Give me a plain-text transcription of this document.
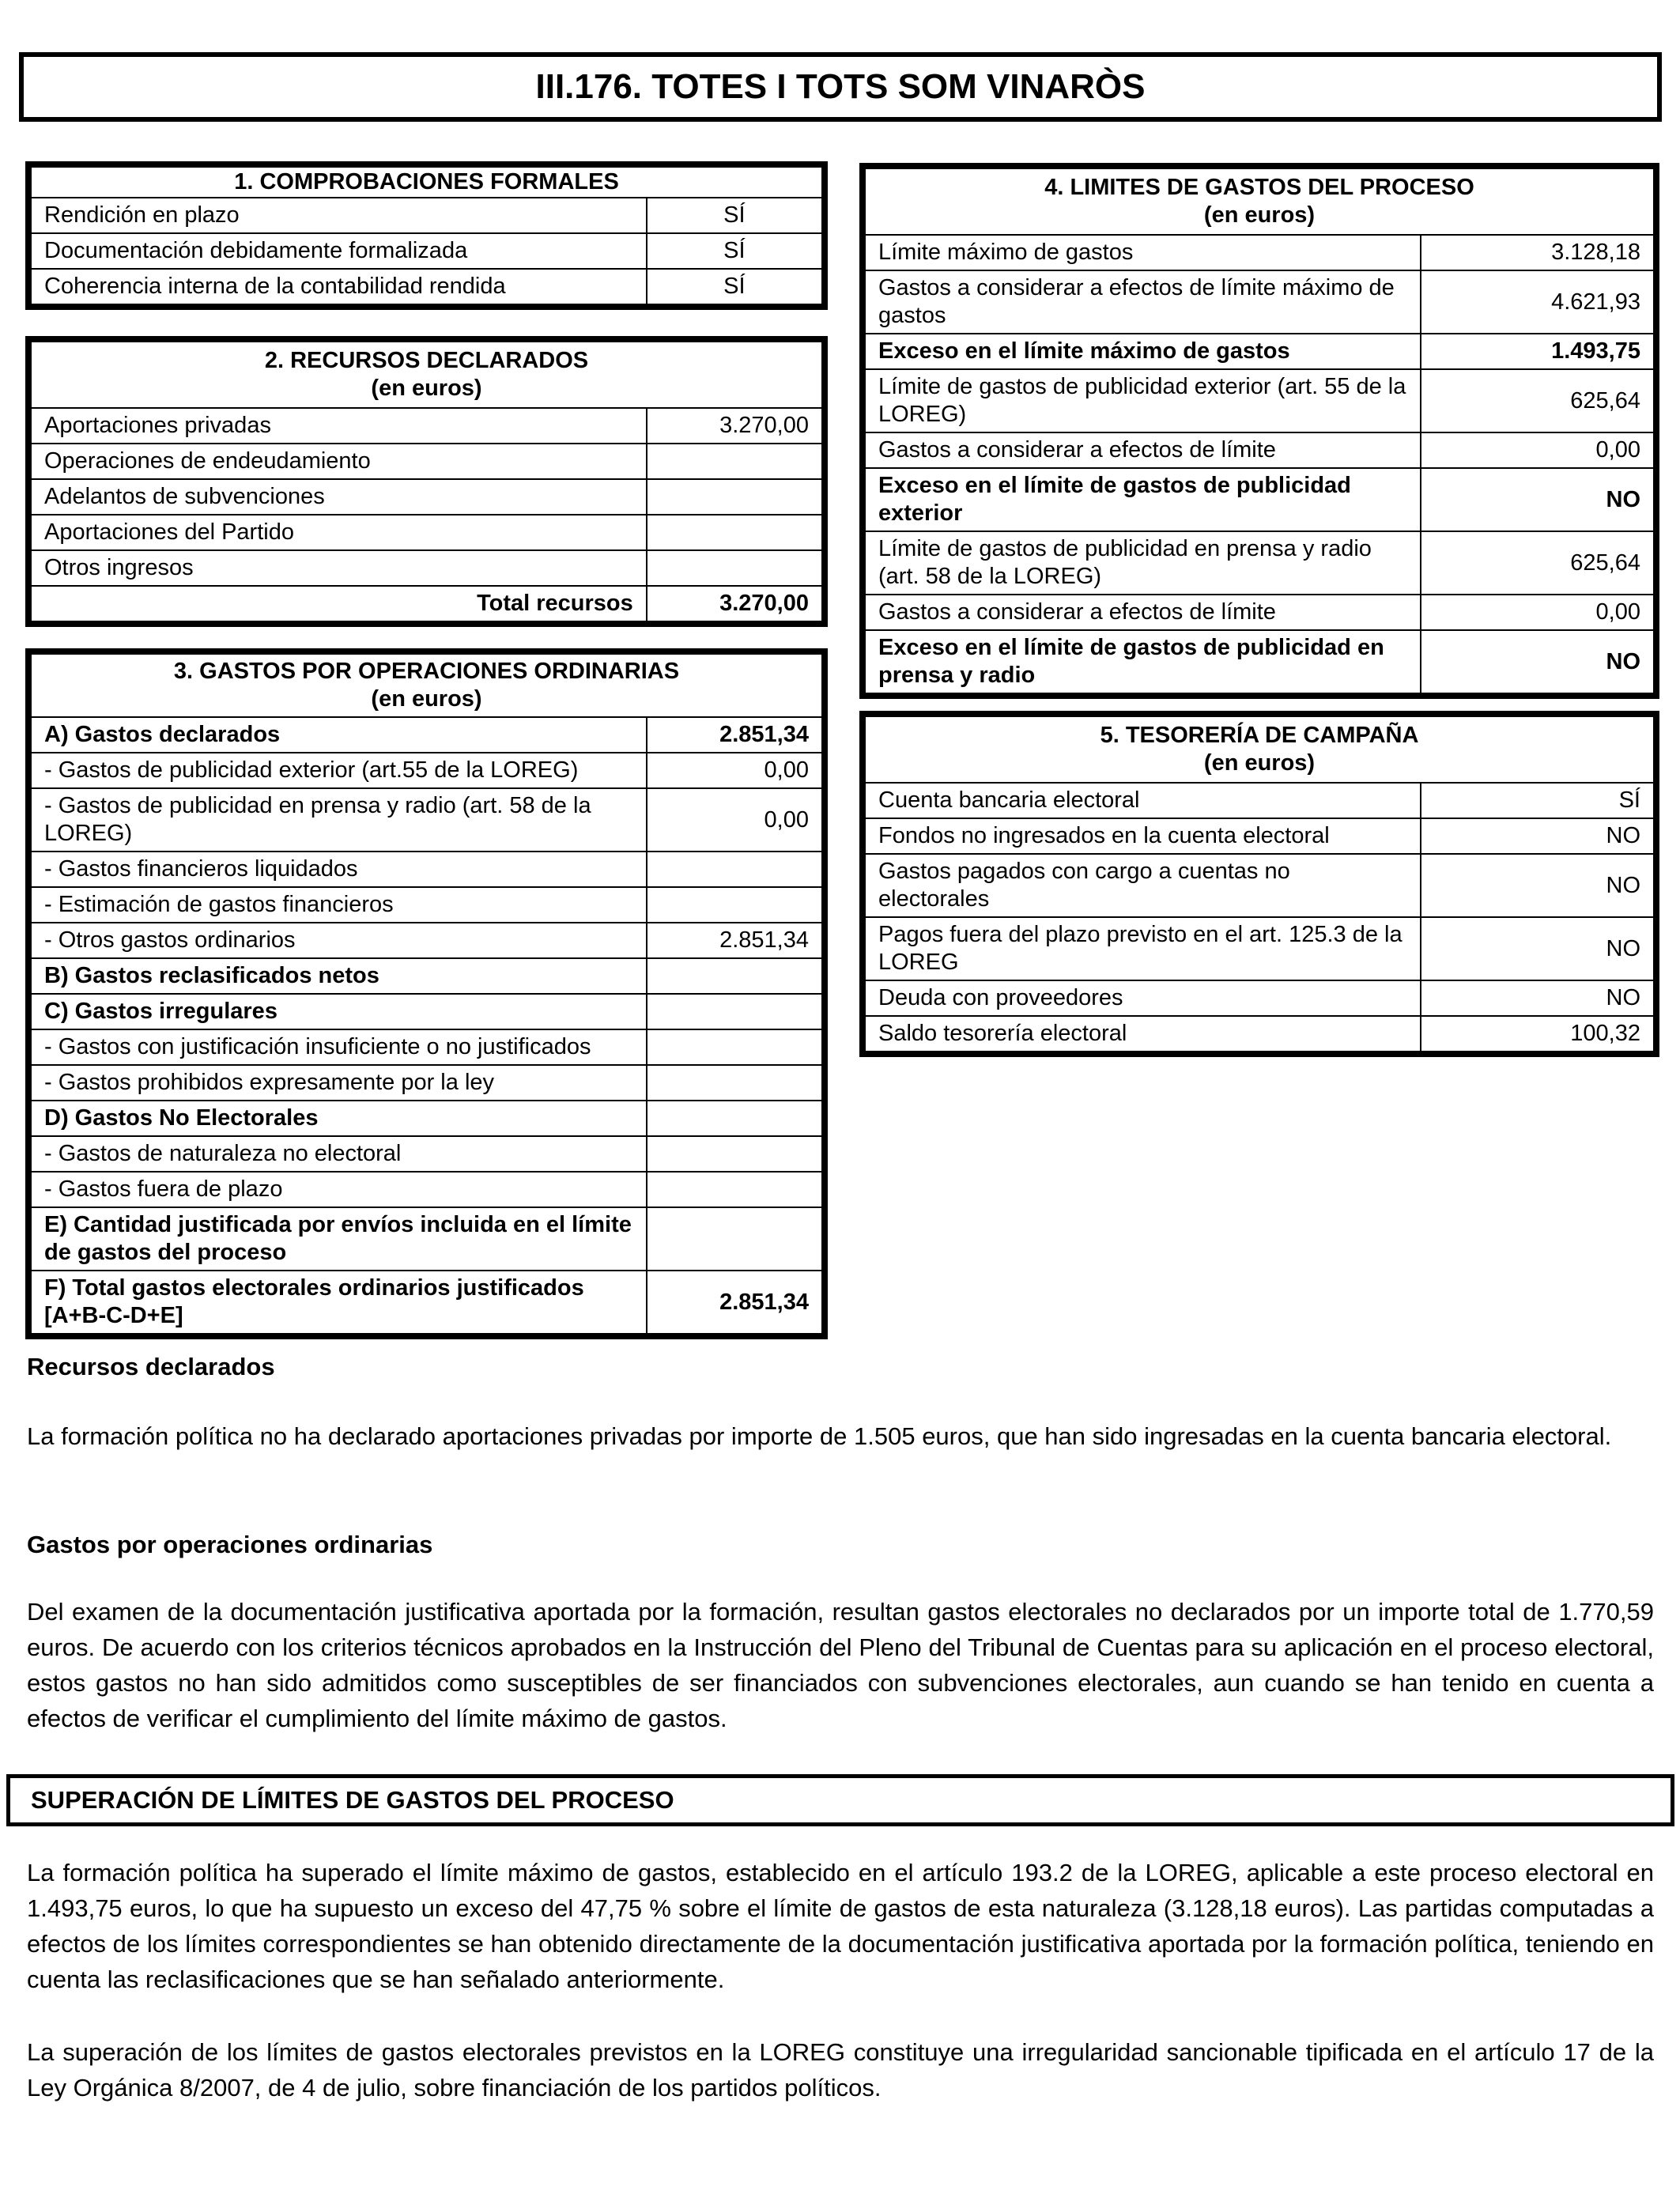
III.176. TOTES I TOTS SOM VINARÒS
1. COMPROBACIONES FORMALES	
Rendición en plazo	SÍ
Documentación debidamente formalizada	SÍ
Coherencia interna de la contabilidad rendida	SÍ
2. RECURSOS DECLARADOS
(en euros)	

Aportaciones privadas	3.270,00
Operaciones de endeudamiento	
Adelantos de subvenciones	
Aportaciones del Partido	
Otros ingresos	
Total recursos	3.270,00
3. GASTOS POR OPERACIONES ORDINARIAS
(en euros)	

A) Gastos declarados	2.851,34
- Gastos de publicidad exterior (art.55 de la LOREG)	0,00
- Gastos de publicidad en prensa y radio (art. 58 de la LOREG)	0,00
- Gastos financieros liquidados	
- Estimación de gastos financieros	
- Otros gastos ordinarios	2.851,34
B) Gastos reclasificados netos	
C) Gastos irregulares	
- Gastos con justificación insuficiente o no justificados	
- Gastos prohibidos expresamente por la ley	
D) Gastos No Electorales	
- Gastos de naturaleza no electoral	
- Gastos fuera de plazo	
E) Cantidad justificada por envíos incluida en el límite de gastos del proceso	
F) Total gastos electorales ordinarios justificados [A+B-C-D+E]	2.851,34
4. LIMITES DE GASTOS DEL PROCESO
(en euros)	

Límite máximo de gastos	3.128,18
Gastos a considerar a efectos de límite máximo de gastos	4.621,93
Exceso en el límite máximo de gastos	1.493,75
Límite de gastos de publicidad exterior (art. 55 de la LOREG)	625,64
Gastos a considerar a efectos de límite	0,00
Exceso en el límite de gastos de publicidad exterior	NO
Límite de gastos de publicidad en prensa y radio (art. 58 de la LOREG)	625,64
Gastos a considerar a efectos de límite	0,00
Exceso en el límite de gastos de publicidad en prensa y radio	NO
5. TESORERÍA DE CAMPAÑA
(en euros)	

Cuenta bancaria electoral	SÍ
Fondos no ingresados en la cuenta electoral	NO
Gastos pagados con cargo a cuentas no electorales	NO
Pagos fuera del plazo previsto en el art. 125.3 de la LOREG	NO
Deuda con proveedores	NO
Saldo tesorería electoral	100,32
Recursos declarados
La formación política no ha declarado aportaciones privadas por importe de 1.505 euros, que han sido ingresadas en la cuenta bancaria electoral.
Gastos por operaciones ordinarias
Del examen de la documentación justificativa aportada por la formación, resultan gastos electorales no declarados por un importe total de 1.770,59 euros. De acuerdo con los criterios técnicos aprobados en la Instrucción del Pleno del Tribunal de Cuentas para su aplicación en el proceso electoral, estos gastos no han sido admitidos como susceptibles de ser financiados con subvenciones electorales, aun cuando se han tenido en cuenta a efectos de verificar el cumplimiento del límite máximo de gastos.
SUPERACIÓN DE LÍMITES DE GASTOS DEL PROCESO
La formación política ha superado el límite máximo de gastos, establecido en el artículo 193.2 de la LOREG, aplicable a este proceso electoral en 1.493,75 euros, lo que ha supuesto un exceso del 47,75 % sobre el límite de gastos de esta naturaleza (3.128,18 euros). Las partidas computadas a efectos de los límites correspondientes se han obtenido directamente de la documentación justificativa aportada por la formación política, teniendo en cuenta las reclasificaciones que se han señalado anteriormente.
La superación de los límites de gastos electorales previstos en la LOREG constituye una irregularidad sancionable tipificada en el artículo 17 de la Ley Orgánica 8/2007, de 4 de julio, sobre financiación de los partidos políticos.
